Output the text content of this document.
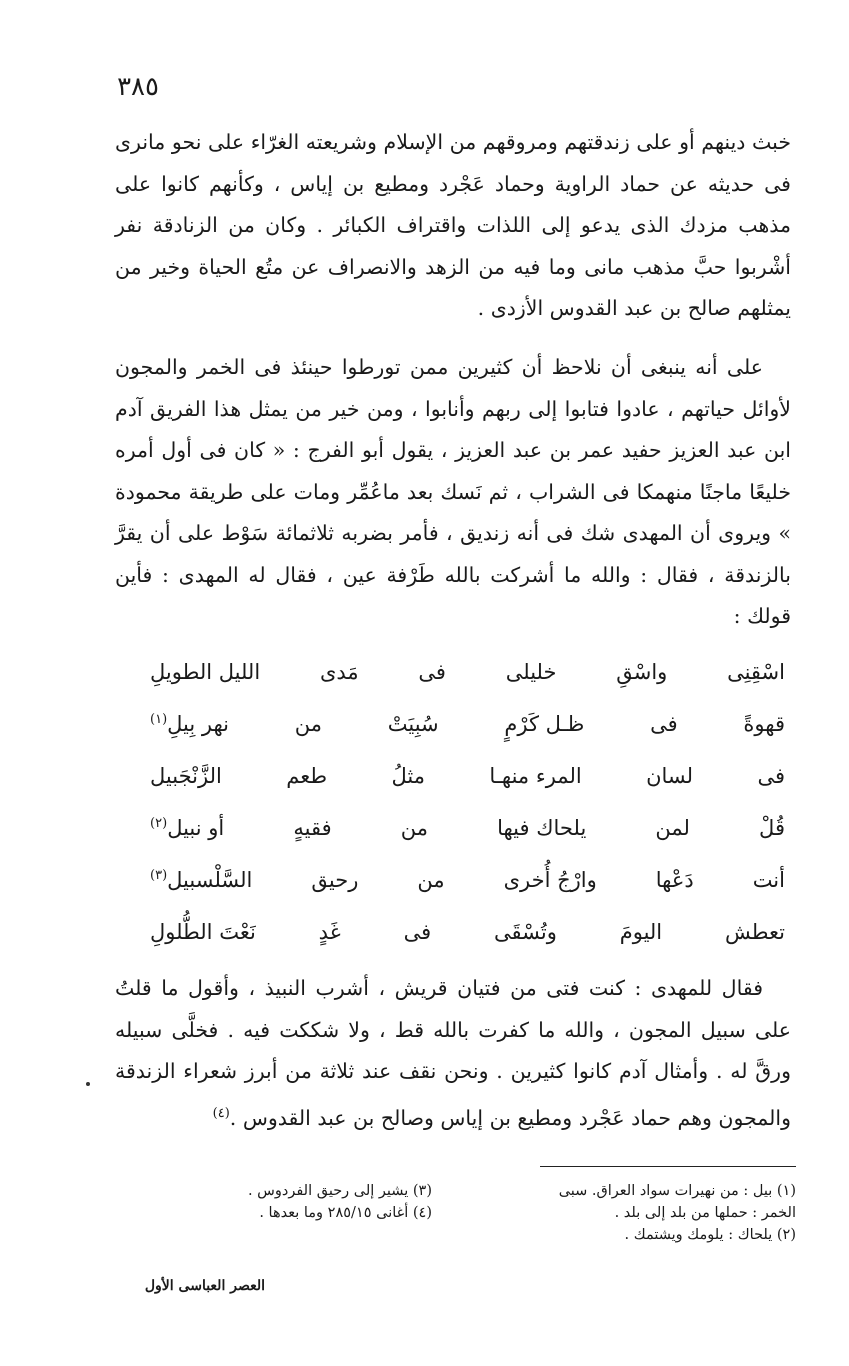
٣٨٥

خبث دينهم أو على زندقتهم ومروقهم من الإسلام وشريعته الغرّاء على نحو مانرى فى حديثه عن حماد الراوية وحماد عَجْرد ومطيع بن إياس ، وكأنهم كانوا على مذهب مزدك الذى يدعو إلى اللذات واقتراف الكبائر . وكان من الزنادقة نفر أشْربوا حبَّ مذهب مانى وما فيه من الزهد والانصراف عن متُع الحياة وخير من يمثلهم صالح بن عبد القدوس الأزدى .

على أنه ينبغى أن نلاحظ أن كثيرين ممن تورطوا حينئذ فى الخمر والمجون لأوائل حياتهم ، عادوا فتابوا إلى ربهم وأنابوا ، ومن خير من يمثل هذا الفريق آدم ابن عبد العزيز حفيد عمر بن عبد العزيز ، يقول أبو الفرج : « كان فى أول أمره خليعًا ماجنًا منهمكا فى الشراب ، ثم نَسك بعد ماعُمِّر ومات على طريقة محمودة » ويروى أن المهدى شك فى أنه زنديق ، فأمر بضربه ثلاثمائة سَوْط على أن يقرَّ بالزندقة ، فقال : والله ما أشركت بالله طَرْفة عين ، فقال له المهدى : فأين قولك :

اسْقِنِى
واسْقِ
خليلى
فى
مَدى
الليل الطويلِ
قهوةً
فى
ظـل كَرْمٍ
سُبِيَتْ
من
نهر بِيلِ$^{(١)}$
فى
لسان
المرء منهـا
مثلُ
طعم
الزَّنْجَبيل
قُلْ
لمن
يلحاك فيها
من
فقيهٍ
أو نبيل$^{(٢)}$
أنت
دَعْها
وارْجُ أُخرى
من
رحيق
السَّلْسبيل$^{(٣)}$
تعطش
اليومَ
وتُسْقَى
فى
غَدٍ
نَعْتَ الطُّلولِ

فقال للمهدى : كنت فتى من فتيان قريش ، أشرب النبيذ ، وأقول ما قلتُ على سبيل المجون ، والله ما كفرت بالله قط ، ولا شككت فيه . فخلَّى سبيله ورقَّ له . وأمثال آدم كانوا كثيرين . ونحن نقف عند ثلاثة من أبرز شعراء الزندقة والمجون وهم حماد عَجْرد ومطيع بن إياس وصالح بن عبد القدوس .$^{(٤)}$

(١) بيل : من نهيرات سواد العراق. سبى
الخمر : حملها من بلد إلى بلد .
(٢) يلحاك : يلومك ويشتمك .
(٣) يشير إلى رحيق الفردوس .
(٤) أغانى ٢٨٥/١٥ وما بعدها .
العصر العباسى الأول
